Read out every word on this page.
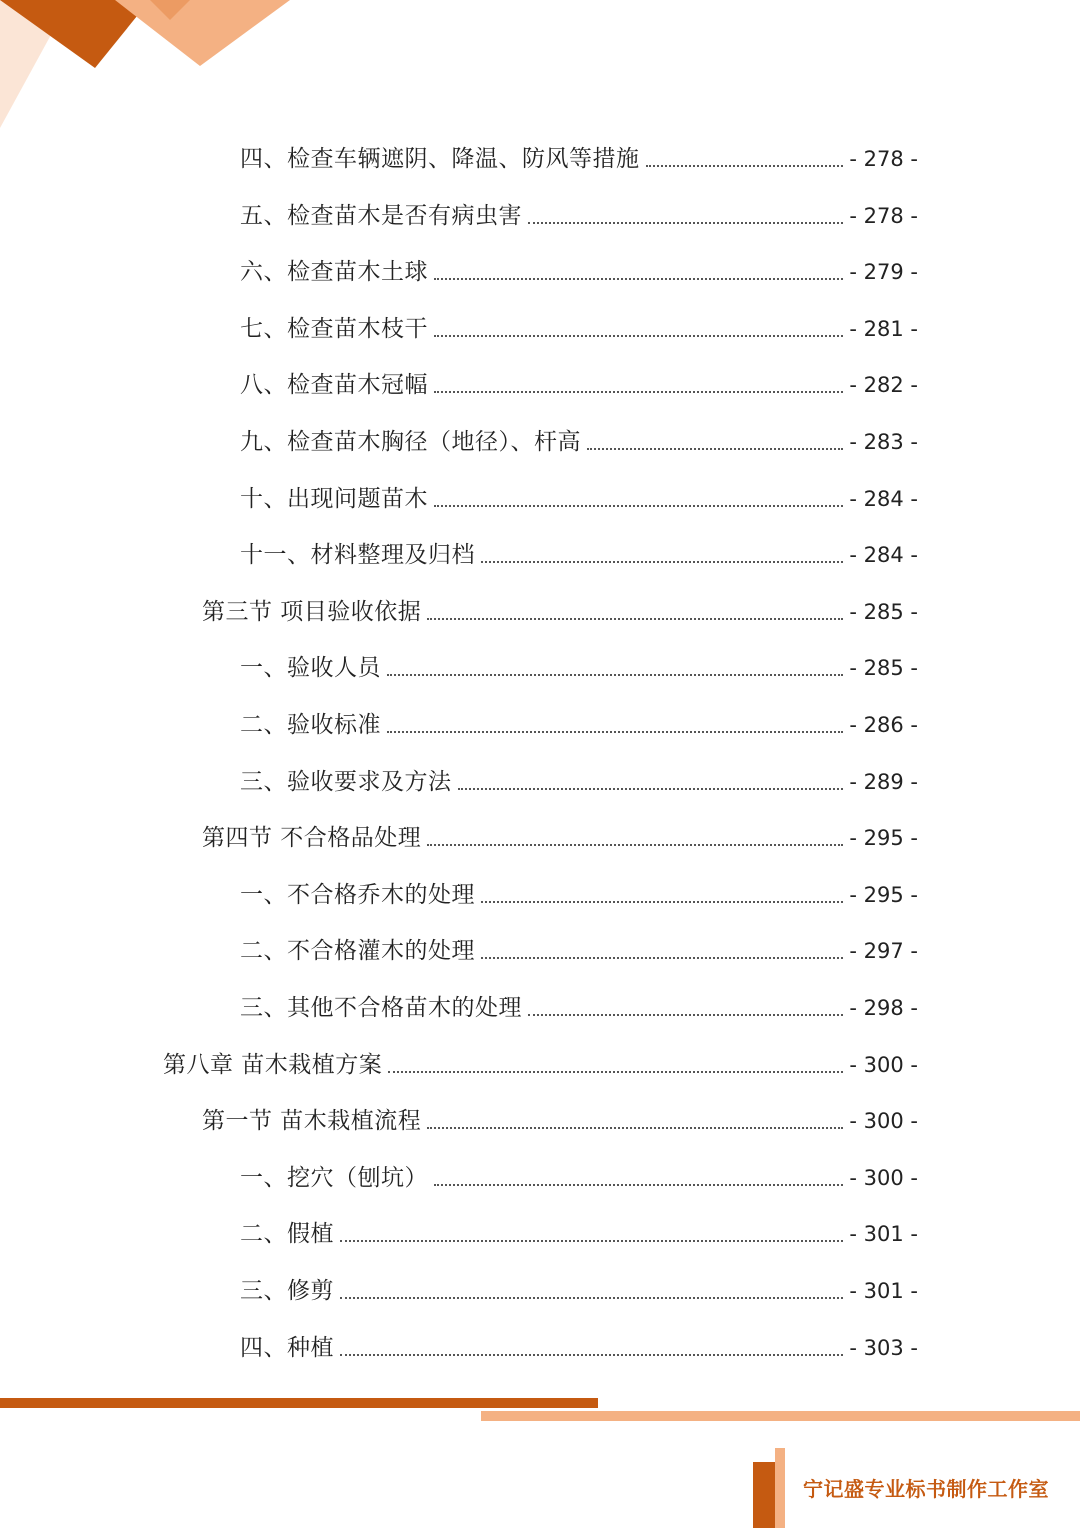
四、检查车辆遮阴、降温、防风等措施	- 278 -
五、检查苗木是否有病虫害	- 278 -
六、检查苗木土球	- 279 -
七、检查苗木枝干	- 281 -
八、检查苗木冠幅	- 282 -
九、检查苗木胸径（地径）、杆高	- 283 -
十、出现问题苗木	- 284 -
十一、材料整理及归档	- 284 -
第三节 项目验收依据	- 285 -
一、验收人员	- 285 -
二、验收标准	- 286 -
三、验收要求及方法	- 289 -
第四节 不合格品处理	- 295 -
一、不合格乔木的处理	- 295 -
二、不合格灌木的处理	- 297 -
三、其他不合格苗木的处理	- 298 -
第八章 苗木栽植方案	- 300 -
第一节 苗木栽植流程	- 300 -
一、挖穴（刨坑）	- 300 -
二、假植	- 301 -
三、修剪	- 301 -
四、种植	- 303 -
宁记盛专业标书制作工作室
